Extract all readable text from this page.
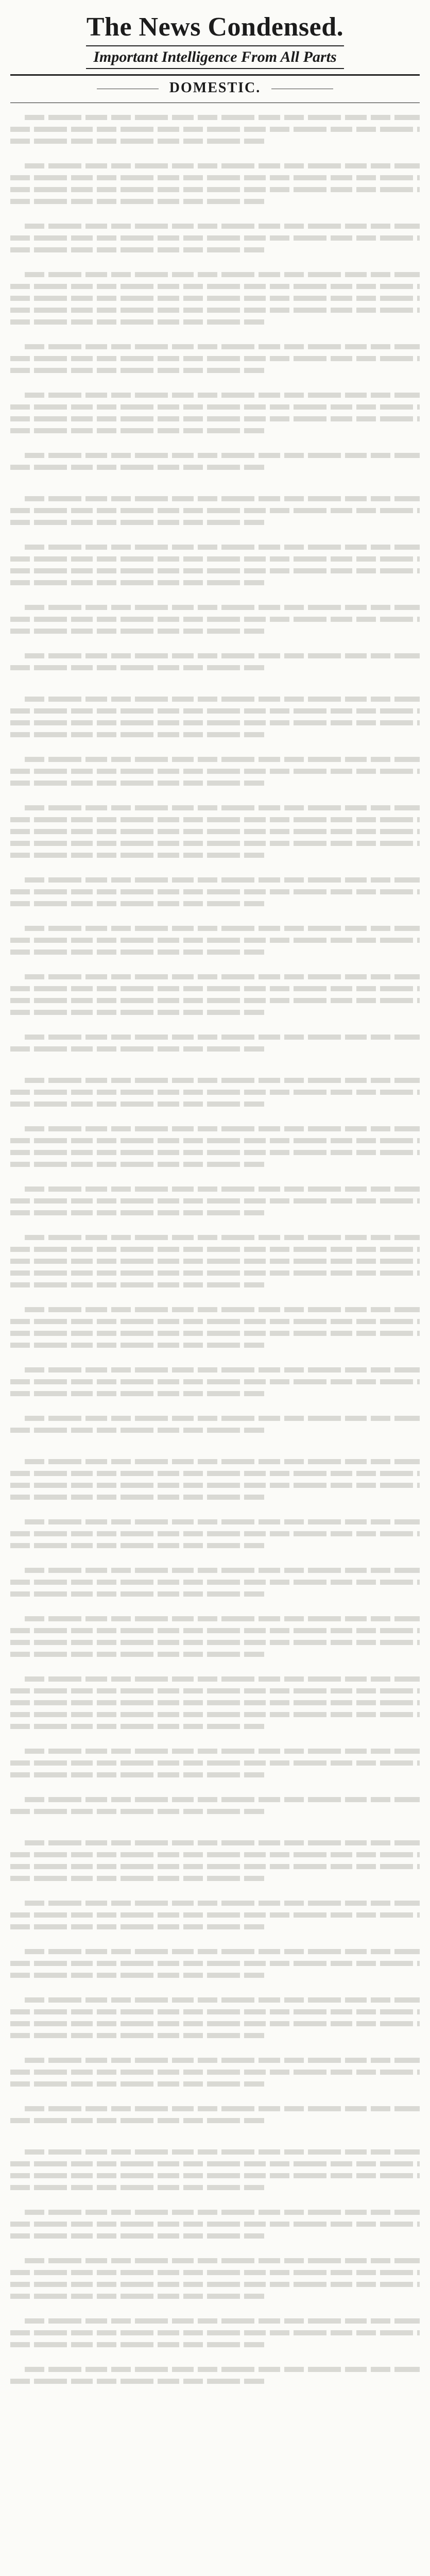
The News Condensed.
Important Intelligence From All Parts
DOMESTIC.
